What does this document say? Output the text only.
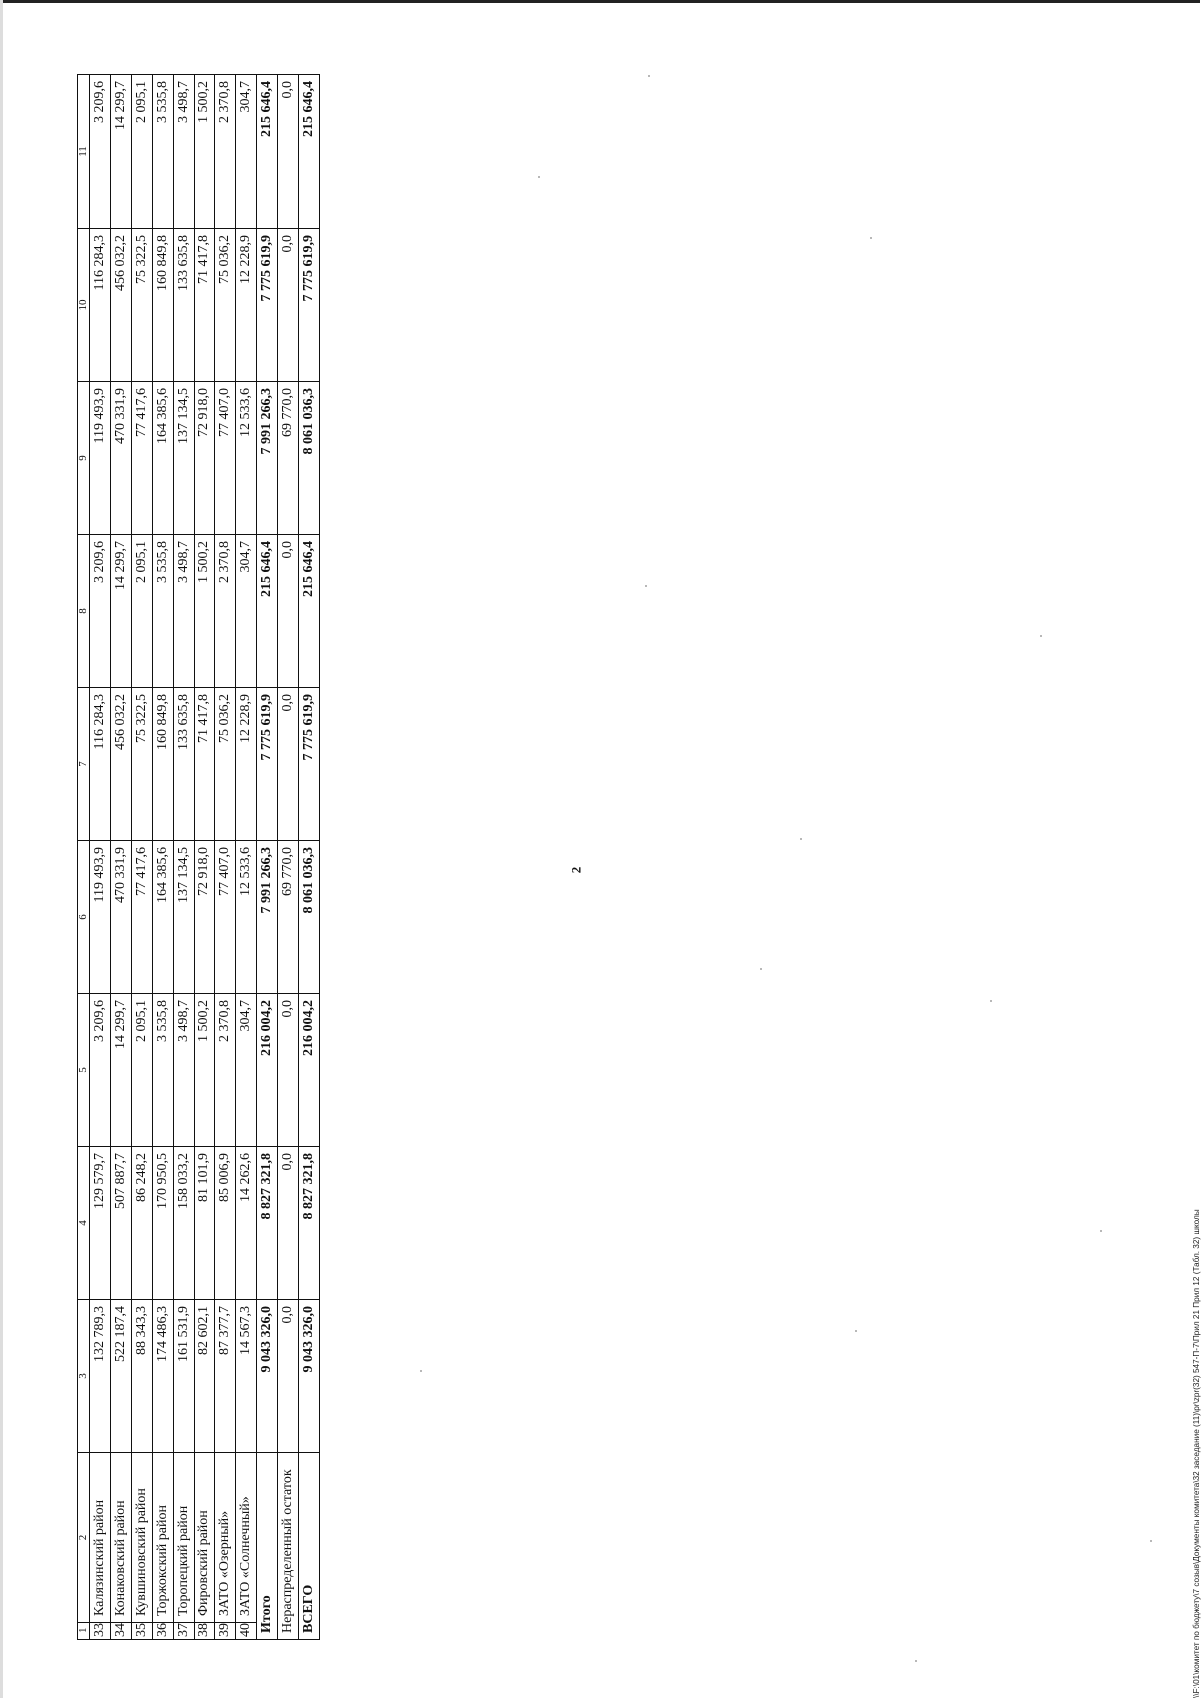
2
1	2	3	4	5	6	7	8	9	10	11
33	Калязинский район	132 789,3	129 579,7	3 209,6	119 493,9	116 284,3	3 209,6	119 493,9	116 284,3	3 209,6
34	Конаковский район	522 187,4	507 887,7	14 299,7	470 331,9	456 032,2	14 299,7	470 331,9	456 032,2	14 299,7
35	Кувшиновский район	88 343,3	86 248,2	2 095,1	77 417,6	75 322,5	2 095,1	77 417,6	75 322,5	2 095,1
36	Торжокский район	174 486,3	170 950,5	3 535,8	164 385,6	160 849,8	3 535,8	164 385,6	160 849,8	3 535,8
37	Торопецкий район	161 531,9	158 033,2	3 498,7	137 134,5	133 635,8	3 498,7	137 134,5	133 635,8	3 498,7
38	Фировский район	82 602,1	81 101,9	1 500,2	72 918,0	71 417,8	1 500,2	72 918,0	71 417,8	1 500,2
39	ЗАТО «Озерный»	87 377,7	85 006,9	2 370,8	77 407,0	75 036,2	2 370,8	77 407,0	75 036,2	2 370,8
40	ЗАТО «Солнечный»	14 567,3	14 262,6	304,7	12 533,6	12 228,9	304,7	12 533,6	12 228,9	304,7
Итого		9 043 326,0	8 827 321,8	216 004,2	7 991 266,3	7 775 619,9	215 646,4	7 991 266,3	7 775 619,9	215 646,4
Нераспределенный остаток		0,0	0,0	0,0	69 770,0	0,0	0,0	69 770,0	0,0	0,0
ВСЕГО		9 043 326,0	8 827 321,8	216 004,2	8 061 036,3	7 775 619,9	215 646,4	8 061 036,3	7 775 619,9	215 646,4
\\F:\01\комитет по бюджету\7 созыв\Документы комитета\32 заседание (11)\pr\zpr(32) 547-П-7\Прил 21 Прил 12 (Табл. 32) школы
